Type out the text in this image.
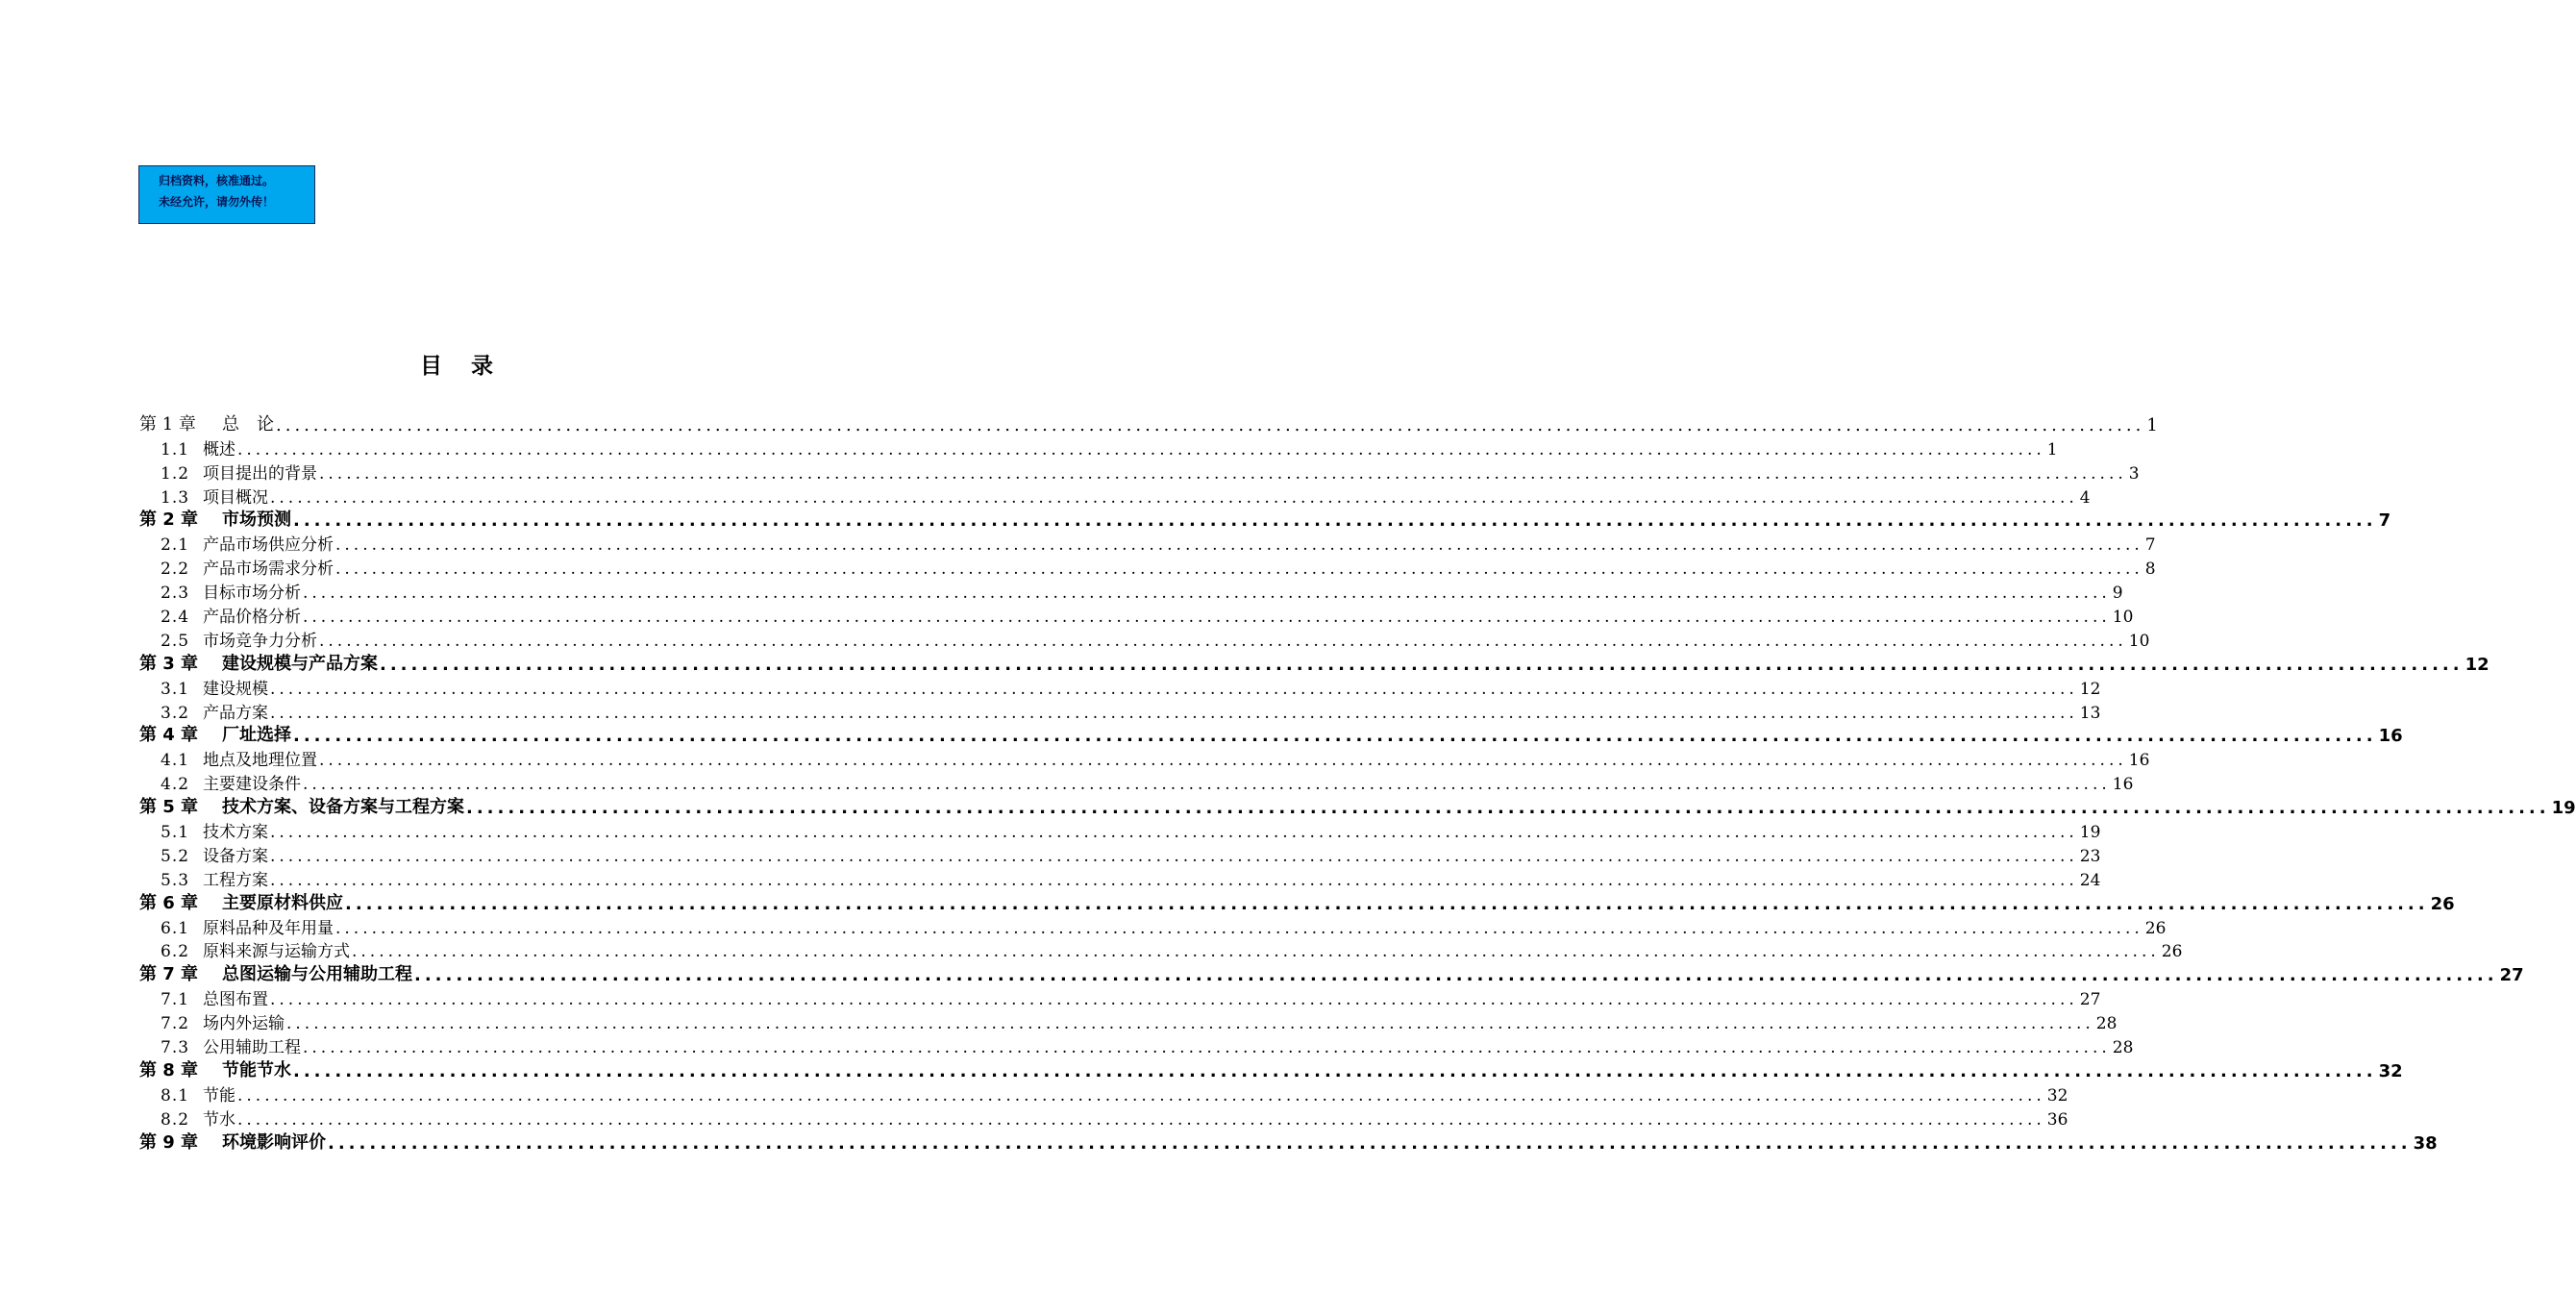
归档资料，核准通过。
未经允许，请勿外传！
目录
第 1 章 总　论 ........................................................................................................................................................................................................ 1
1.1 概述 ........................................................................................................................................................................................................ 1
1.2 项目提出的背景 ........................................................................................................................................................................................................ 3
1.3 项目概况 ........................................................................................................................................................................................................ 4
第 2 章 市场预测 ........................................................................................................................................................................................................ 7
2.1 产品市场供应分析 ........................................................................................................................................................................................................ 7
2.2 产品市场需求分析 ........................................................................................................................................................................................................ 8
2.3 目标市场分析 ........................................................................................................................................................................................................ 9
2.4 产品价格分析 ........................................................................................................................................................................................................ 10
2.5 市场竞争力分析 ........................................................................................................................................................................................................ 10
第 3 章 建设规模与产品方案 ........................................................................................................................................................................................................ 12
3.1 建设规模 ........................................................................................................................................................................................................ 12
3.2 产品方案 ........................................................................................................................................................................................................ 13
第 4 章 厂址选择 ........................................................................................................................................................................................................ 16
4.1 地点及地理位置 ........................................................................................................................................................................................................ 16
4.2 主要建设条件 ........................................................................................................................................................................................................ 16
第 5 章 技术方案、设备方案与工程方案 ........................................................................................................................................................................................................ 19
5.1 技术方案 ........................................................................................................................................................................................................ 19
5.2 设备方案 ........................................................................................................................................................................................................ 23
5.3 工程方案 ........................................................................................................................................................................................................ 24
第 6 章 主要原材料供应 ........................................................................................................................................................................................................ 26
6.1 原料品种及年用量 ........................................................................................................................................................................................................ 26
6.2 原料来源与运输方式 ........................................................................................................................................................................................................ 26
第 7 章 总图运输与公用辅助工程 ........................................................................................................................................................................................................ 27
7.1 总图布置 ........................................................................................................................................................................................................ 27
7.2 场内外运输 ........................................................................................................................................................................................................ 28
7.3 公用辅助工程 ........................................................................................................................................................................................................ 28
第 8 章 节能节水 ........................................................................................................................................................................................................ 32
8.1 节能 ........................................................................................................................................................................................................ 32
8.2 节水 ........................................................................................................................................................................................................ 36
第 9 章 环境影响评价 ........................................................................................................................................................................................................ 38
